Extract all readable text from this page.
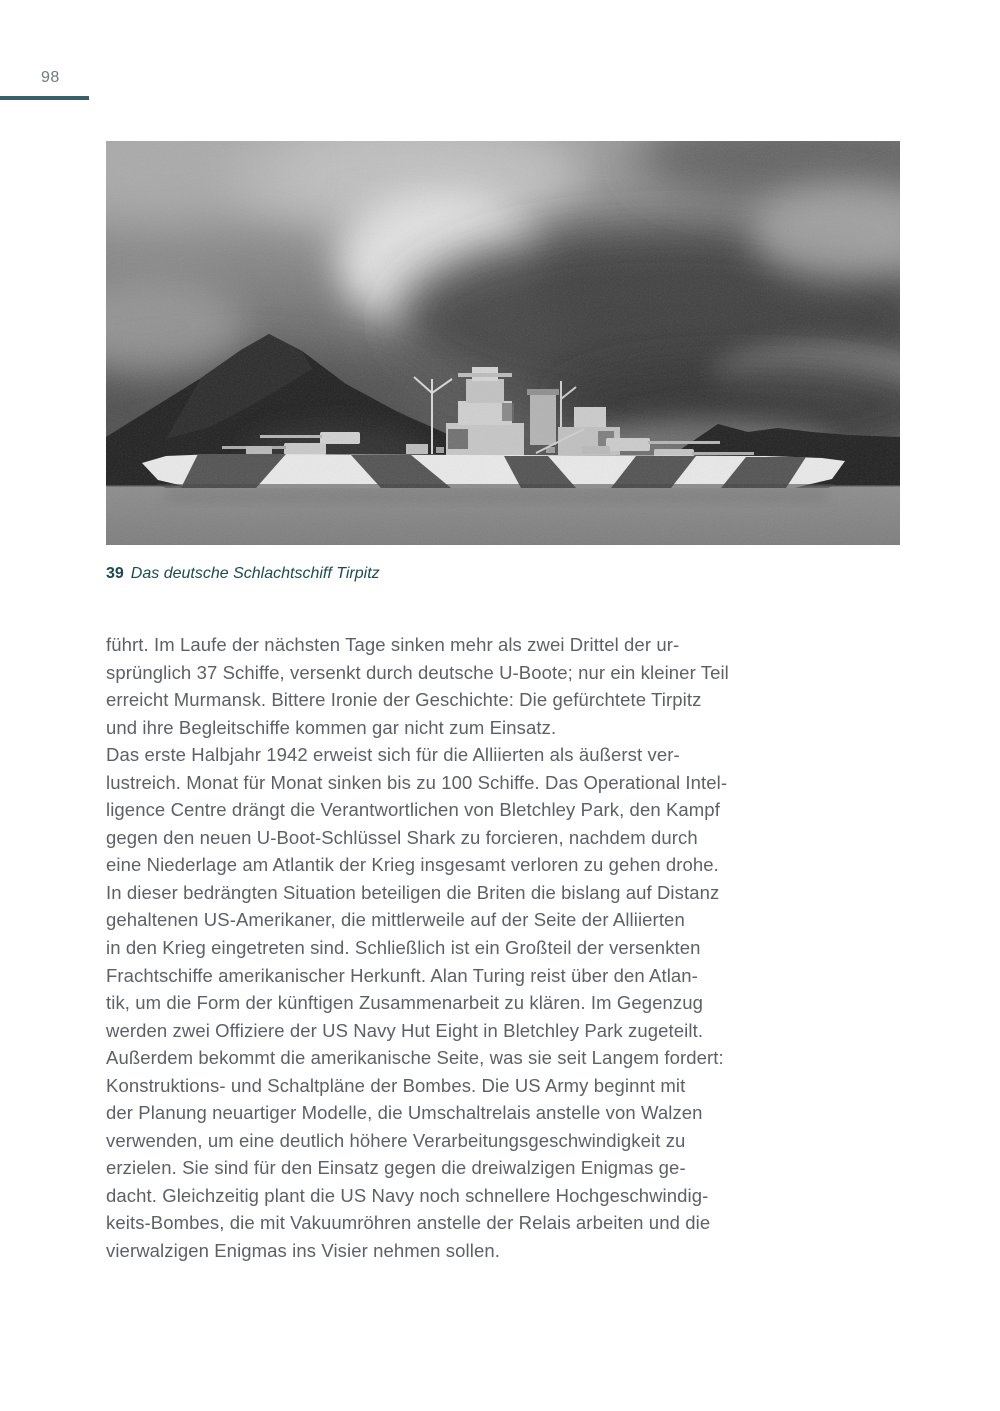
98
39 Das deutsche Schlachtschiff Tirpitz
führt. Im Laufe der nächsten Tage sinken mehr als zwei Drittel der ur-
sprünglich 37 Schiffe, versenkt durch deutsche U-Boote; nur ein kleiner Teil
erreicht Murmansk. Bittere Ironie der Geschichte: Die gefürchtete Tirpitz
und ihre Begleitschiffe kommen gar nicht zum Einsatz.
Das erste Halbjahr 1942 erweist sich für die Alliierten als äußerst ver-
lustreich. Monat für Monat sinken bis zu 100 Schiffe. Das Operational Intel-
ligence Centre drängt die Verantwortlichen von Bletchley Park, den Kampf
gegen den neuen U-Boot-Schlüssel Shark zu forcieren, nachdem durch
eine Niederlage am Atlantik der Krieg insgesamt verloren zu gehen drohe.
In dieser bedrängten Situation beteiligen die Briten die bislang auf Distanz
gehaltenen US-Amerikaner, die mittlerweile auf der Seite der Alliierten
in den Krieg eingetreten sind. Schließlich ist ein Großteil der versenkten
Frachtschiffe amerikanischer Herkunft. Alan Turing reist über den Atlan-
tik, um die Form der künftigen Zusammenarbeit zu klären. Im Gegenzug
werden zwei Offiziere der US Navy Hut Eight in Bletchley Park zugeteilt.
Außerdem bekommt die amerikanische Seite, was sie seit Langem fordert:
Konstruktions- und Schaltpläne der Bombes. Die US Army beginnt mit
der Planung neuartiger Modelle, die Umschaltrelais anstelle von Walzen
verwenden, um eine deutlich höhere Verarbeitungsgeschwindigkeit zu
erzielen. Sie sind für den Einsatz gegen die dreiwalzigen Enigmas ge-
dacht. Gleichzeitig plant die US Navy noch schnellere Hochgeschwindig-
keits-Bombes, die mit Vakuumröhren anstelle der Relais arbeiten und die
vierwalzigen Enigmas ins Visier nehmen sollen.
